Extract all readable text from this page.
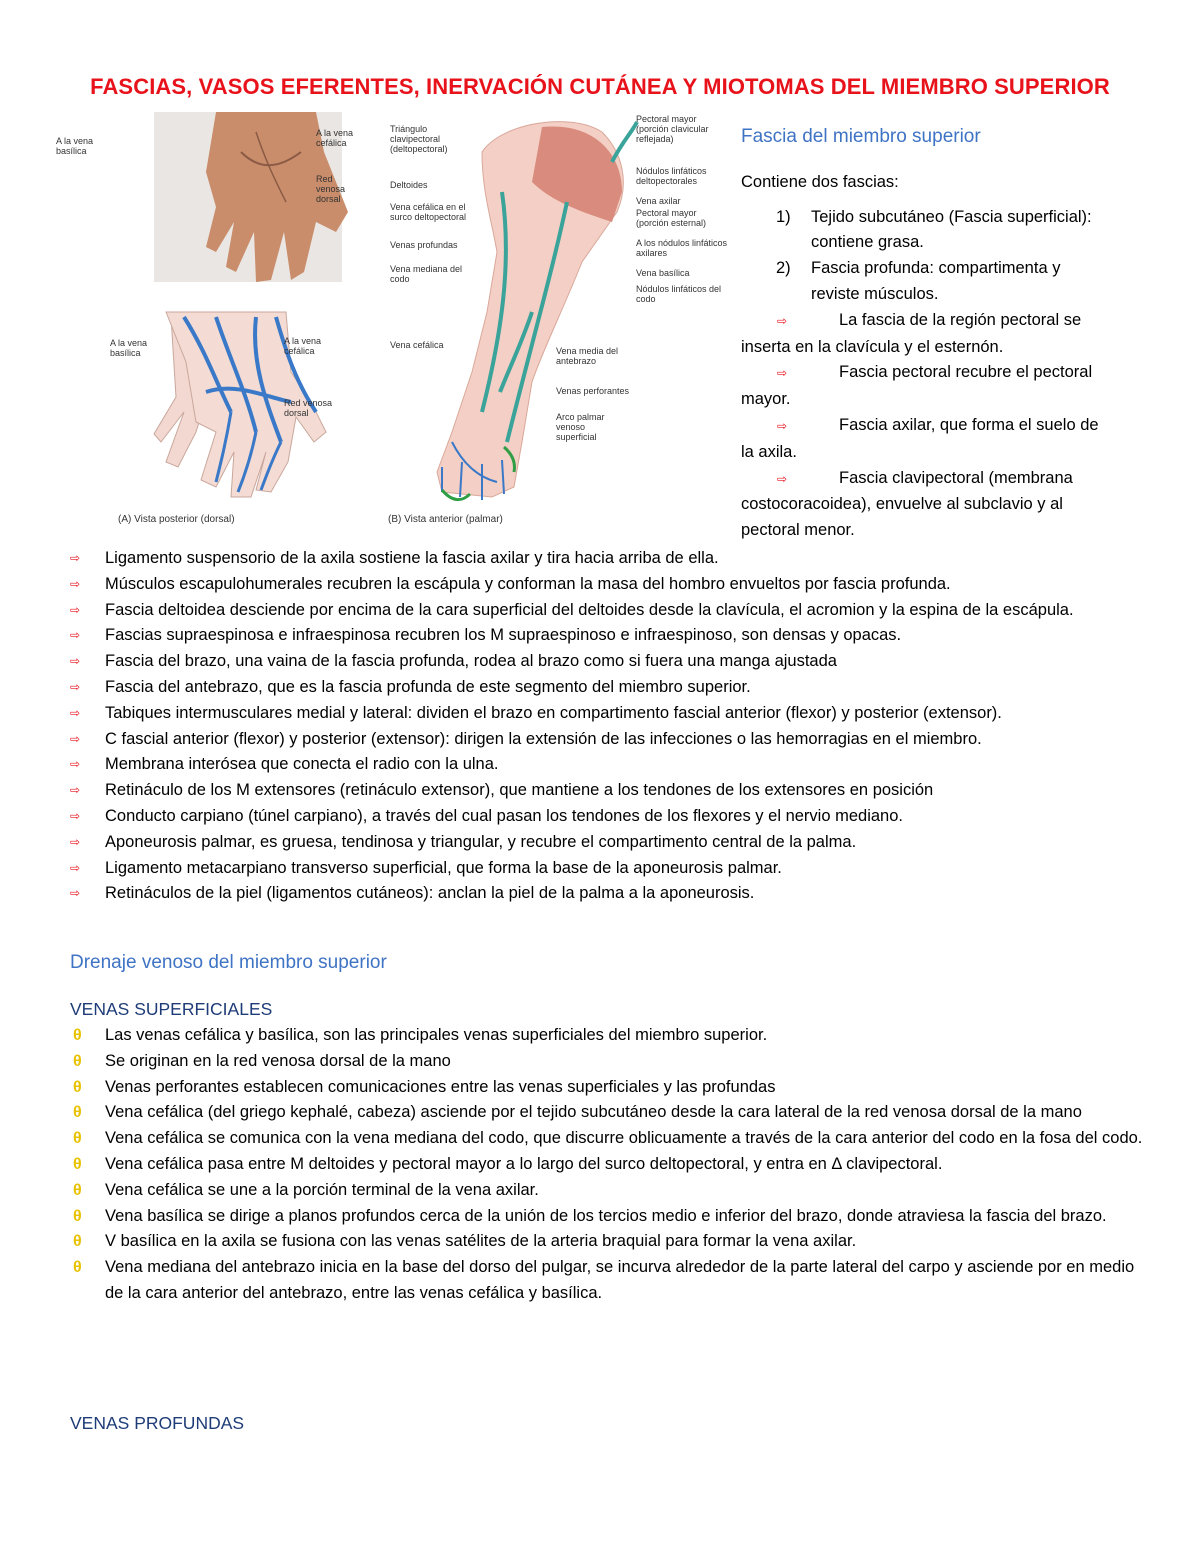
FASCIAS, VASOS EFERENTES, INERVACIÓN CUTÁNEA Y MIOTOMAS DEL MIEMBRO SUPERIOR
A la vena basílica
A la vena cefálica
Red venosa dorsal
A la vena basílica
A la vena cefálica
Red venosa dorsal
(A) Vista posterior (dorsal)
Triángulo clavipectoral (deltopectoral)
Deltoides
Vena cefálica en el surco deltopectoral
Venas profundas
Vena mediana del codo
Vena cefálica
Pectoral mayor (porción clavicular reflejada)
Nódulos linfáticos deltopectorales
Vena axilar
Pectoral mayor (porción esternal)
A los nódulos linfáticos axilares
Vena basílica
Nódulos linfáticos del codo
Vena media del antebrazo
Venas perforantes
Arco palmar venoso superficial
(B) Vista anterior (palmar)
Fascia del miembro superior
Contiene dos fascias:
1) Tejido subcutáneo (Fascia superficial):
contiene grasa.
2) Fascia profunda: compartimenta y
reviste músculos.
⇨	La fascia de la región pectoral se
inserta en la clavícula y el esternón.
⇨	Fascia pectoral recubre el pectoral
mayor.
⇨	Fascia axilar, que forma el suelo de
la axila.
⇨	Fascia clavipectoral (membrana
costocoracoidea), envuelve al subclavio y al
pectoral menor.
⇨ Ligamento suspensorio de la axila sostiene la fascia axilar y tira hacia arriba de ella.
⇨ Músculos escapulohumerales recubren la escápula y conforman la masa del hombro envueltos por fascia profunda.
⇨ Fascia deltoidea desciende por encima de la cara superficial del deltoides desde la clavícula, el acromion y la espina de la escápula.
⇨ Fascias supraespinosa e infraespinosa recubren los M supraespinoso e infraespinoso, son densas y opacas.
⇨ Fascia del brazo, una vaina de la fascia profunda, rodea al brazo como si fuera una manga ajustada
⇨ Fascia del antebrazo, que es la fascia profunda de este segmento del miembro superior.
⇨ Tabiques intermusculares medial y lateral: dividen el brazo en compartimento fascial anterior (flexor) y posterior (extensor).
⇨ C fascial anterior (flexor) y posterior (extensor): dirigen la extensión de las infecciones o las hemorragias en el miembro.
⇨ Membrana interósea que conecta el radio con la ulna.
⇨ Retináculo de los M extensores (retináculo extensor), que mantiene a los tendones de los extensores en posición
⇨ Conducto carpiano (túnel carpiano), a través del cual pasan los tendones de los flexores y el nervio mediano.
⇨ Aponeurosis palmar, es gruesa, tendinosa y triangular, y recubre el compartimento central de la palma.
⇨ Ligamento metacarpiano transverso superficial, que forma la base de la aponeurosis palmar.
⇨ Retináculos de la piel (ligamentos cutáneos): anclan la piel de la palma a la aponeurosis.
Drenaje venoso del miembro superior
VENAS SUPERFICIALES
θ Las venas cefálica y basílica, son las principales venas superficiales del miembro superior.
θ Se originan en la red venosa dorsal de la mano
θ Venas perforantes establecen comunicaciones entre las venas superficiales y las profundas
θ Vena cefálica (del griego kephalé, cabeza) asciende por el tejido subcutáneo desde la cara lateral de la red venosa dorsal de la mano
θ Vena cefálica se comunica con la vena mediana del codo, que discurre oblicuamente a través de la cara anterior del codo en la fosa del codo.
θ Vena cefálica pasa entre M deltoides y pectoral mayor a lo largo del surco deltopectoral, y entra en Δ clavipectoral.
θ Vena cefálica se une a la porción terminal de la vena axilar.
θ Vena basílica se dirige a planos profundos cerca de la unión de los tercios medio e inferior del brazo, donde atraviesa la fascia del brazo.
θ V basílica en la axila se fusiona con las venas satélites de la arteria braquial para formar la vena axilar.
θ Vena mediana del antebrazo inicia en la base del dorso del pulgar, se incurva alrededor de la parte lateral del carpo y asciende por en medio de la cara anterior del antebrazo, entre las venas cefálica y basílica.
VENAS PROFUNDAS
